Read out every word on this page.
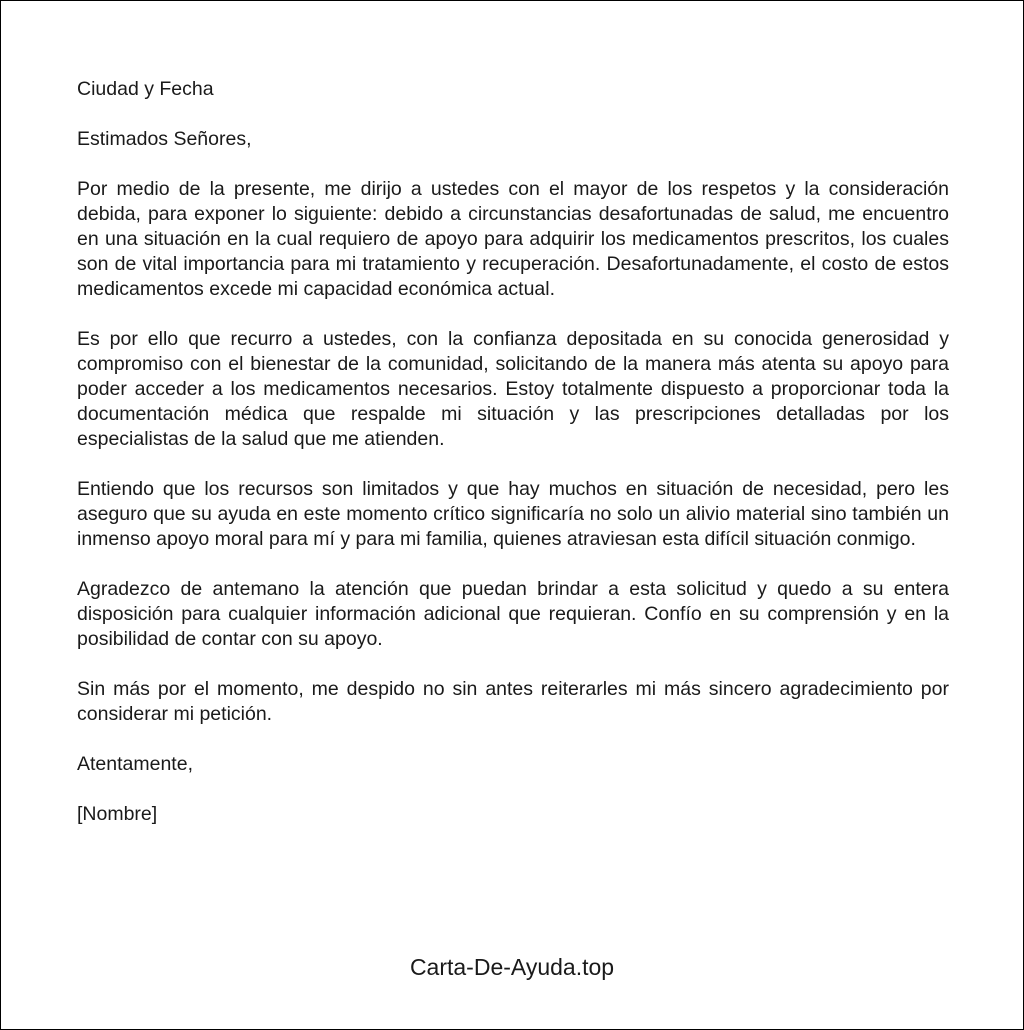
Ciudad y Fecha

Estimados Señores,

Por medio de la presente, me dirijo a ustedes con el mayor de los respetos y la consideración debida, para exponer lo siguiente: debido a circunstancias desafortunadas de salud, me encuentro en una situación en la cual requiero de apoyo para adquirir los medicamentos prescritos, los cuales son de vital importancia para mi tratamiento y recuperación. Desafortunadamente, el costo de estos medicamentos excede mi capacidad económica actual.

Es por ello que recurro a ustedes, con la confianza depositada en su conocida generosidad y compromiso con el bienestar de la comunidad, solicitando de la manera más atenta su apoyo para poder acceder a los medicamentos necesarios. Estoy totalmente dispuesto a proporcionar toda la documentación médica que respalde mi situación y las prescripciones detalladas por los especialistas de la salud que me atienden.

Entiendo que los recursos son limitados y que hay muchos en situación de necesidad, pero les aseguro que su ayuda en este momento crítico significaría no solo un alivio material sino también un inmenso apoyo moral para mí y para mi familia, quienes atraviesan esta difícil situación conmigo.

Agradezco de antemano la atención que puedan brindar a esta solicitud y quedo a su entera disposición para cualquier información adicional que requieran. Confío en su comprensión y en la posibilidad de contar con su apoyo.

Sin más por el momento, me despido no sin antes reiterarles mi más sincero agradecimiento por considerar mi petición.

Atentamente,

[Nombre]

Carta-De-Ayuda.top
